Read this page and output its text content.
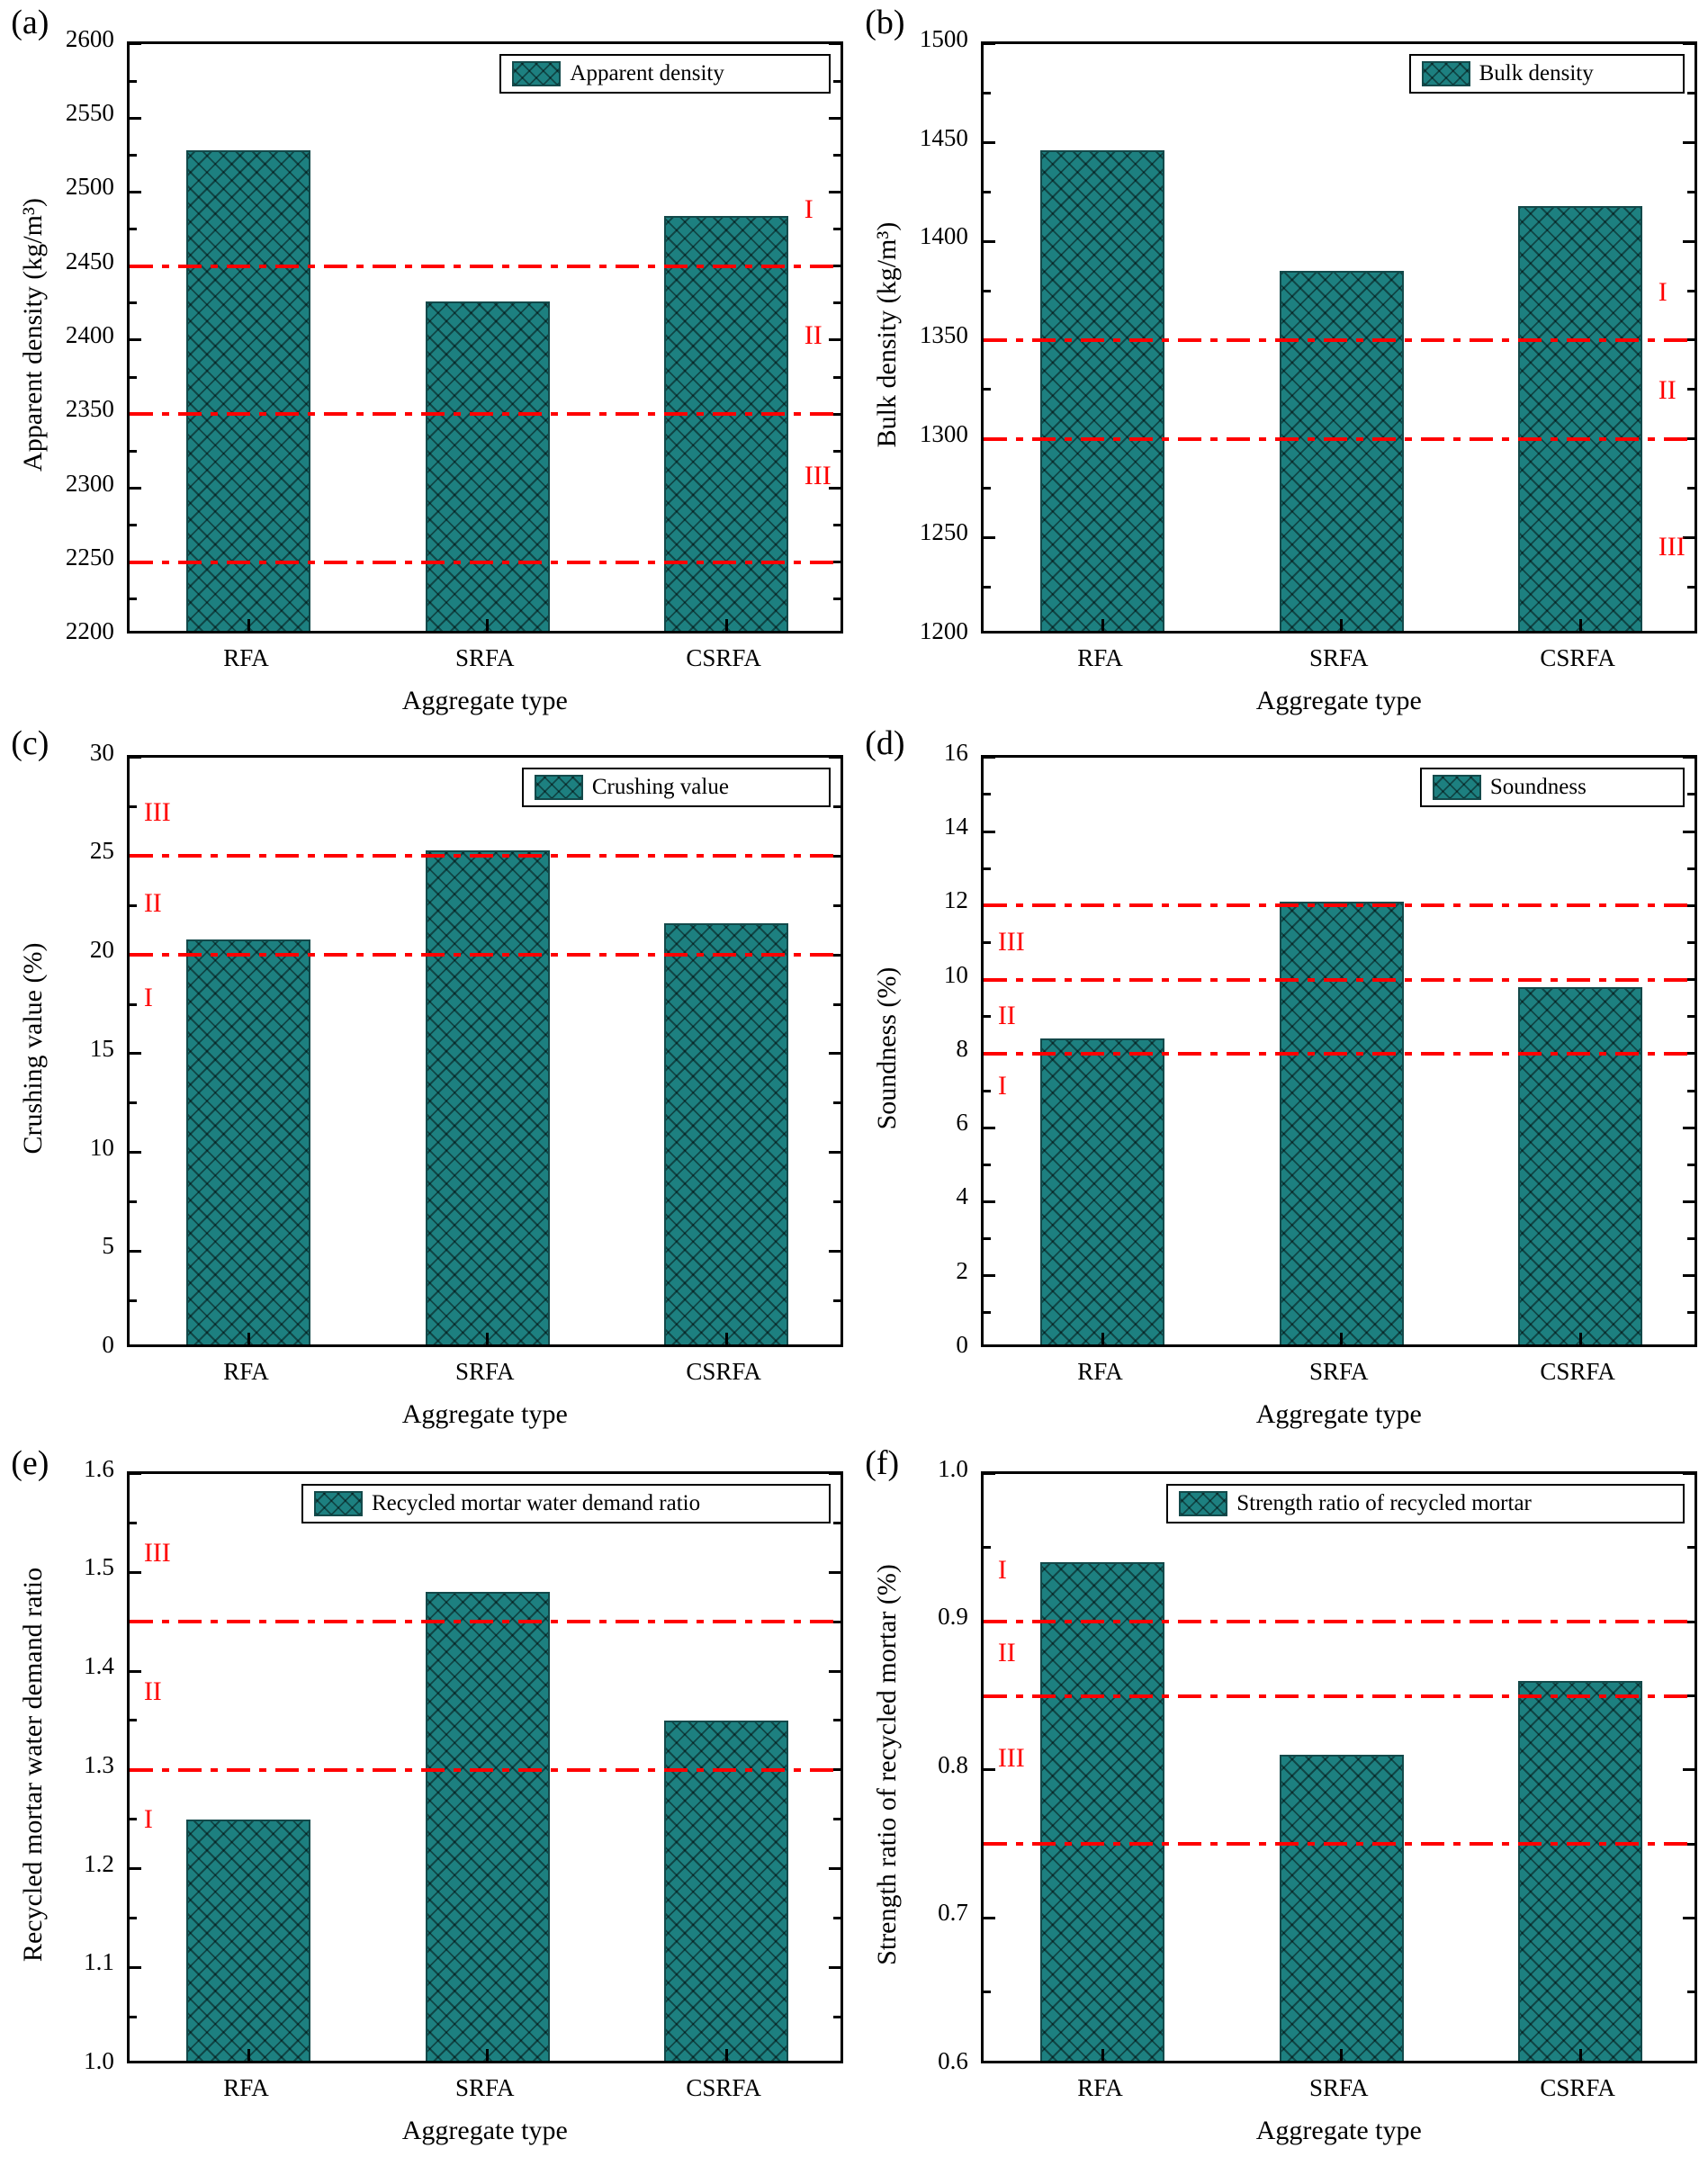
(a)
2200
2250
2300
2350
2400
2450
2500
2550
2600
RFA	SRFA	CSRFA
I
II
III
Apparent density
Aggregate type
Apparent density (kg/m³)
(b)
1200
1250
1300
1350
1400
1450
1500
RFA	SRFA	CSRFA
I
II
III
Bulk density
Aggregate type
Bulk density (kg/m³)
(c)
0
5
10
15
20
25
30
RFA	SRFA	CSRFA
III
II
I
Crushing value
Aggregate type
Crushing value (%)
(d)
0
2
4
6
8
10
12
14
16
RFA	SRFA	CSRFA
III
II
I
Soundness
Aggregate type
Soundness (%)
(e)
1.0
1.1
1.2
1.3
1.4
1.5
1.6
RFA	SRFA	CSRFA
III
II
I
Recycled mortar water demand ratio
Aggregate type
Recycled mortar water demand ratio
(f)
0.6
0.7
0.8
0.9
1.0
RFA	SRFA	CSRFA
I
II
III
Strength ratio of recycled mortar
Aggregate type
Strength ratio of recycled mortar (%)
